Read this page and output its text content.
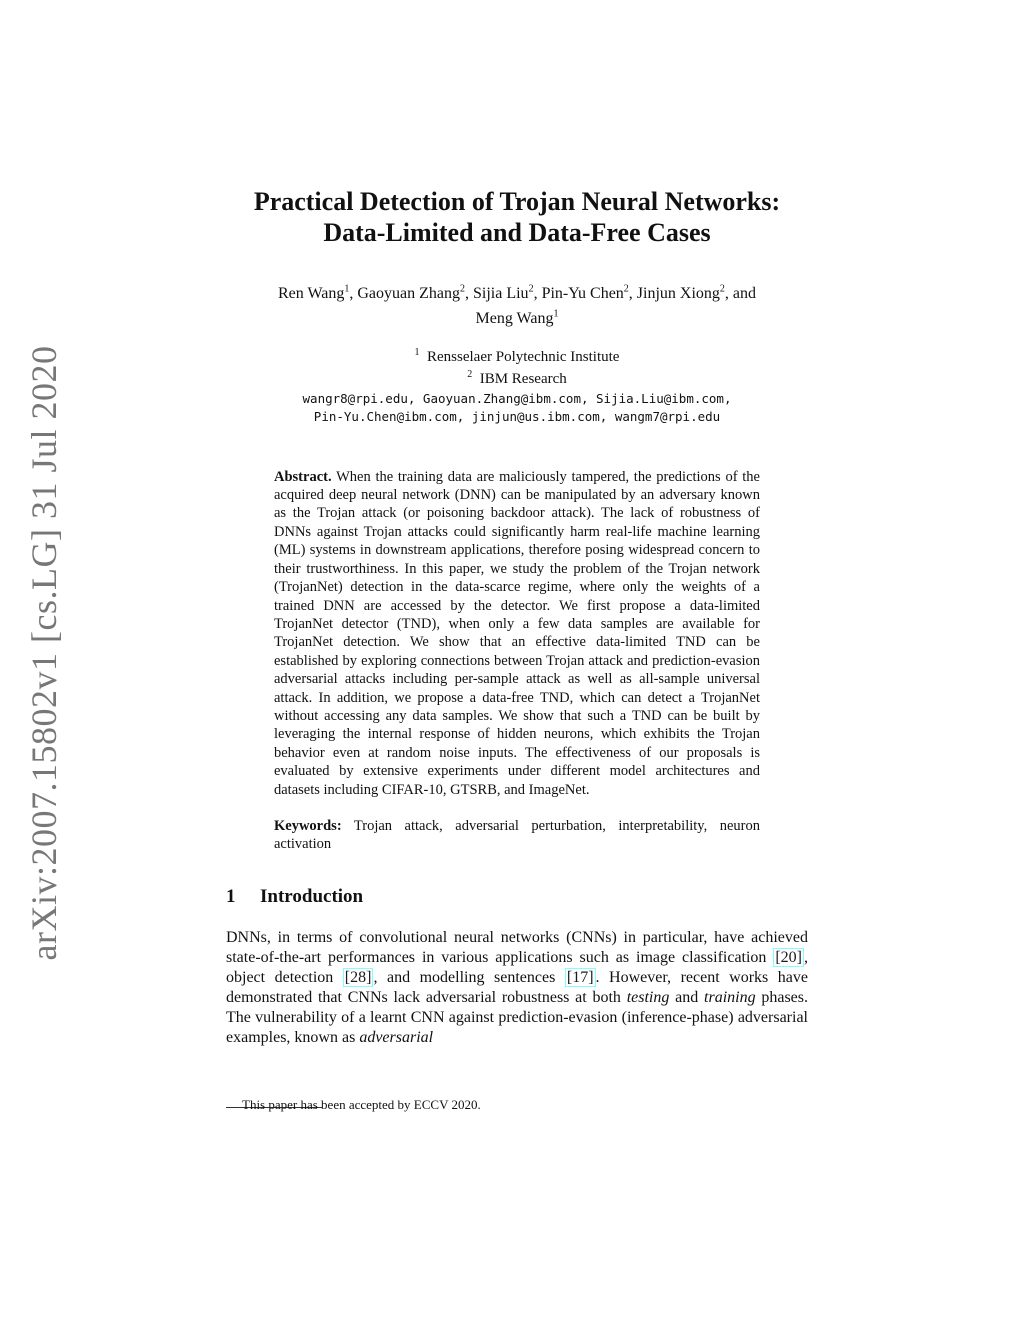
arXiv:2007.15802v1 [cs.LG] 31 Jul 2020
Practical Detection of Trojan Neural Networks:
Data-Limited and Data-Free Cases
Ren Wang$^1$, Gaoyuan Zhang$^2$, Sijia Liu$^2$, Pin-Yu Chen$^2$, Jinjun Xiong$^2$, and
Meng Wang$^1$
$^1$ Rensselaer Polytechnic Institute
$^2$ IBM Research
wangr8@rpi.edu, Gaoyuan.Zhang@ibm.com, Sijia.Liu@ibm.com,
Pin-Yu.Chen@ibm.com, jinjun@us.ibm.com, wangm7@rpi.edu
Abstract. When the training data are maliciously tampered, the predictions of the acquired deep neural network (DNN) can be manipulated by an adversary known as the Trojan attack (or poisoning backdoor attack). The lack of robustness of DNNs against Trojan attacks could significantly harm real-life machine learning (ML) systems in downstream applications, therefore posing widespread concern to their trustworthiness. In this paper, we study the problem of the Trojan network (TrojanNet) detection in the data-scarce regime, where only the weights of a trained DNN are accessed by the detector. We first propose a data-limited TrojanNet detector (TND), when only a few data samples are available for TrojanNet detection. We show that an effective data-limited TND can be established by exploring connections between Trojan attack and prediction-evasion adversarial attacks including per-sample attack as well as all-sample universal attack. In addition, we propose a data-free TND, which can detect a TrojanNet without accessing any data samples. We show that such a TND can be built by leveraging the internal response of hidden neurons, which exhibits the Trojan behavior even at random noise inputs. The effectiveness of our proposals is evaluated by extensive experiments under different model architectures and datasets including CIFAR-10, GTSRB, and ImageNet.
Keywords: Trojan attack, adversarial perturbation, interpretability, neuron activation
1 Introduction
DNNs, in terms of convolutional neural networks (CNNs) in particular, have achieved state-of-the-art performances in various applications such as image classification [20] , object detection [28] , and modelling sentences [17] . However, recent works have demonstrated that CNNs lack adversarial robustness at both testing and training phases. The vulnerability of a learnt CNN against prediction-evasion (inference-phase) adversarial examples, known as adversarial
This paper has been accepted by ECCV 2020.
